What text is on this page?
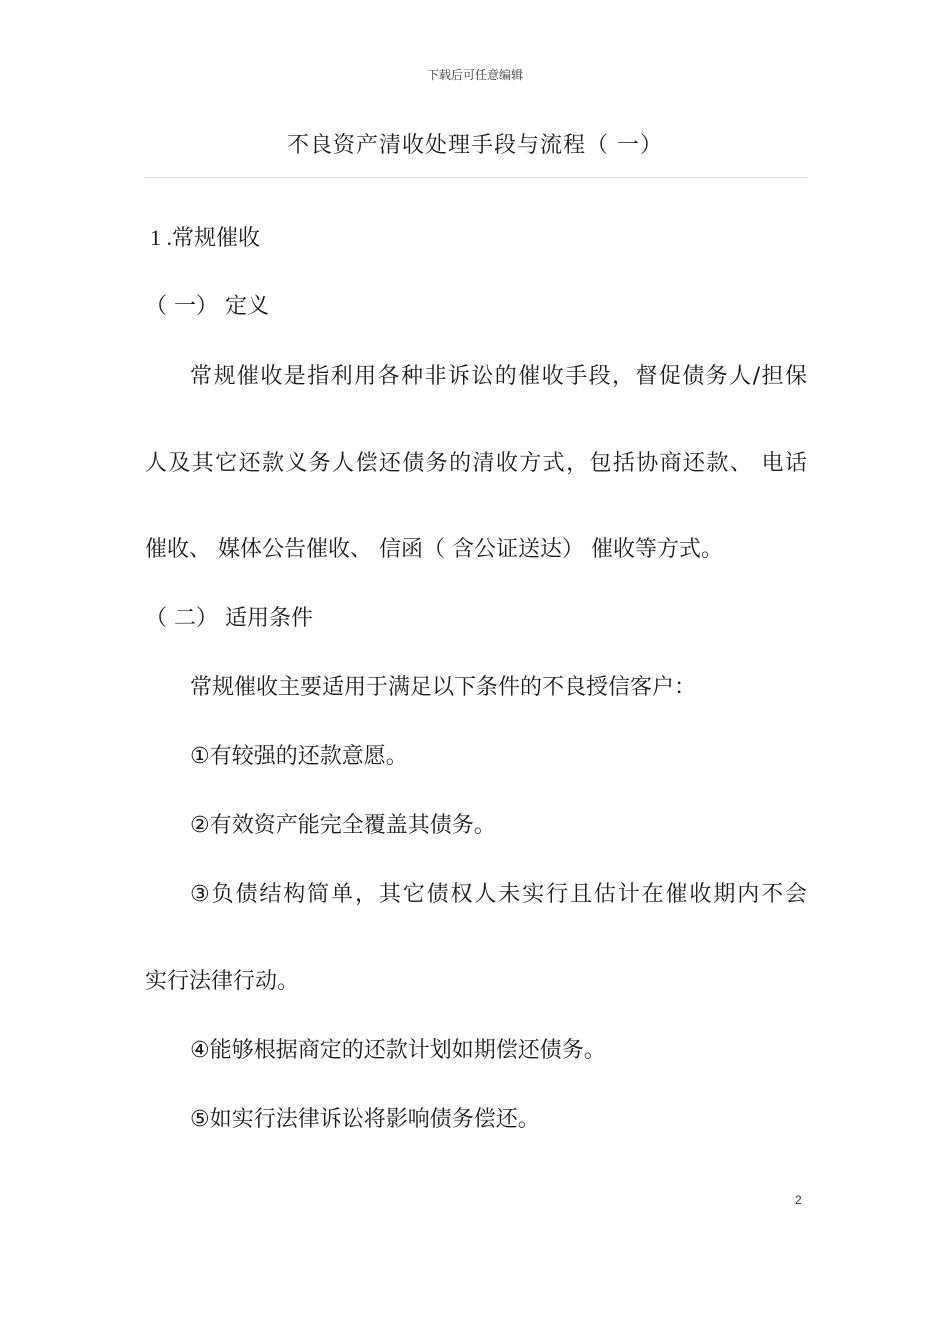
下载后可任意编辑
不良资产清收处理手段与流程（ 一）
1 .常规催收
（ 一） 定义
常规催收是指利用各种非诉讼的催收手段，督促债务人/担保
人及其它还款义务人偿还债务的清收方式，包括协商还款、 电话
催收、 媒体公告催收、 信函（ 含公证送达） 催收等方式。
（ 二） 适用条件
常规催收主要适用于满足以下条件的不良授信客户：
①有较强的还款意愿。
②有效资产能完全覆盖其债务。
③负债结构简单，其它债权人未实行且估计在催收期内不会
实行法律行动。
④能够根据商定的还款计划如期偿还债务。
⑤如实行法律诉讼将影响债务偿还。
2
